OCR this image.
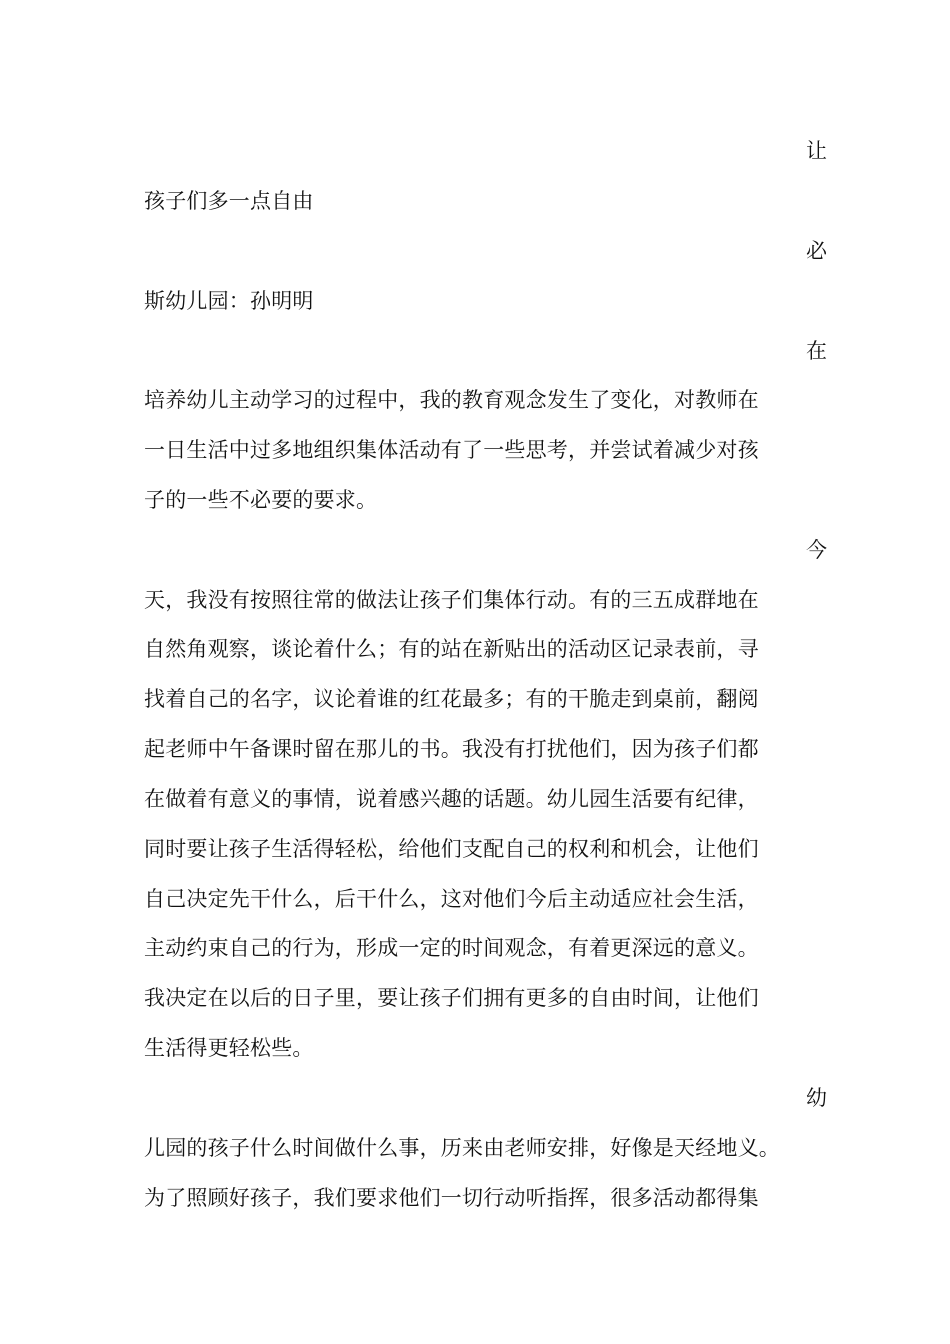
让
孩子们多一点自由
必
斯幼儿园：孙明明
在
培养幼儿主动学习的过程中，我的教育观念发生了变化，对教师在
一日生活中过多地组织集体活动有了一些思考，并尝试着减少对孩
子的一些不必要的要求。
今
天，我没有按照往常的做法让孩子们集体行动。有的三五成群地在
自然角观察，谈论着什么；有的站在新贴出的活动区记录表前，寻
找着自己的名字，议论着谁的红花最多；有的干脆走到桌前，翻阅
起老师中午备课时留在那儿的书。我没有打扰他们，因为孩子们都
在做着有意义的事情，说着感兴趣的话题。幼儿园生活要有纪律，
同时要让孩子生活得轻松，给他们支配自己的权利和机会，让他们
自己决定先干什么，后干什么，这对他们今后主动适应社会生活，
主动约束自己的行为，形成一定的时间观念，有着更深远的意义。
我决定在以后的日子里，要让孩子们拥有更多的自由时间，让他们
生活得更轻松些。
幼
儿园的孩子什么时间做什么事，历来由老师安排，好像是天经地义。
为了照顾好孩子，我们要求他们一切行动听指挥，很多活动都得集
